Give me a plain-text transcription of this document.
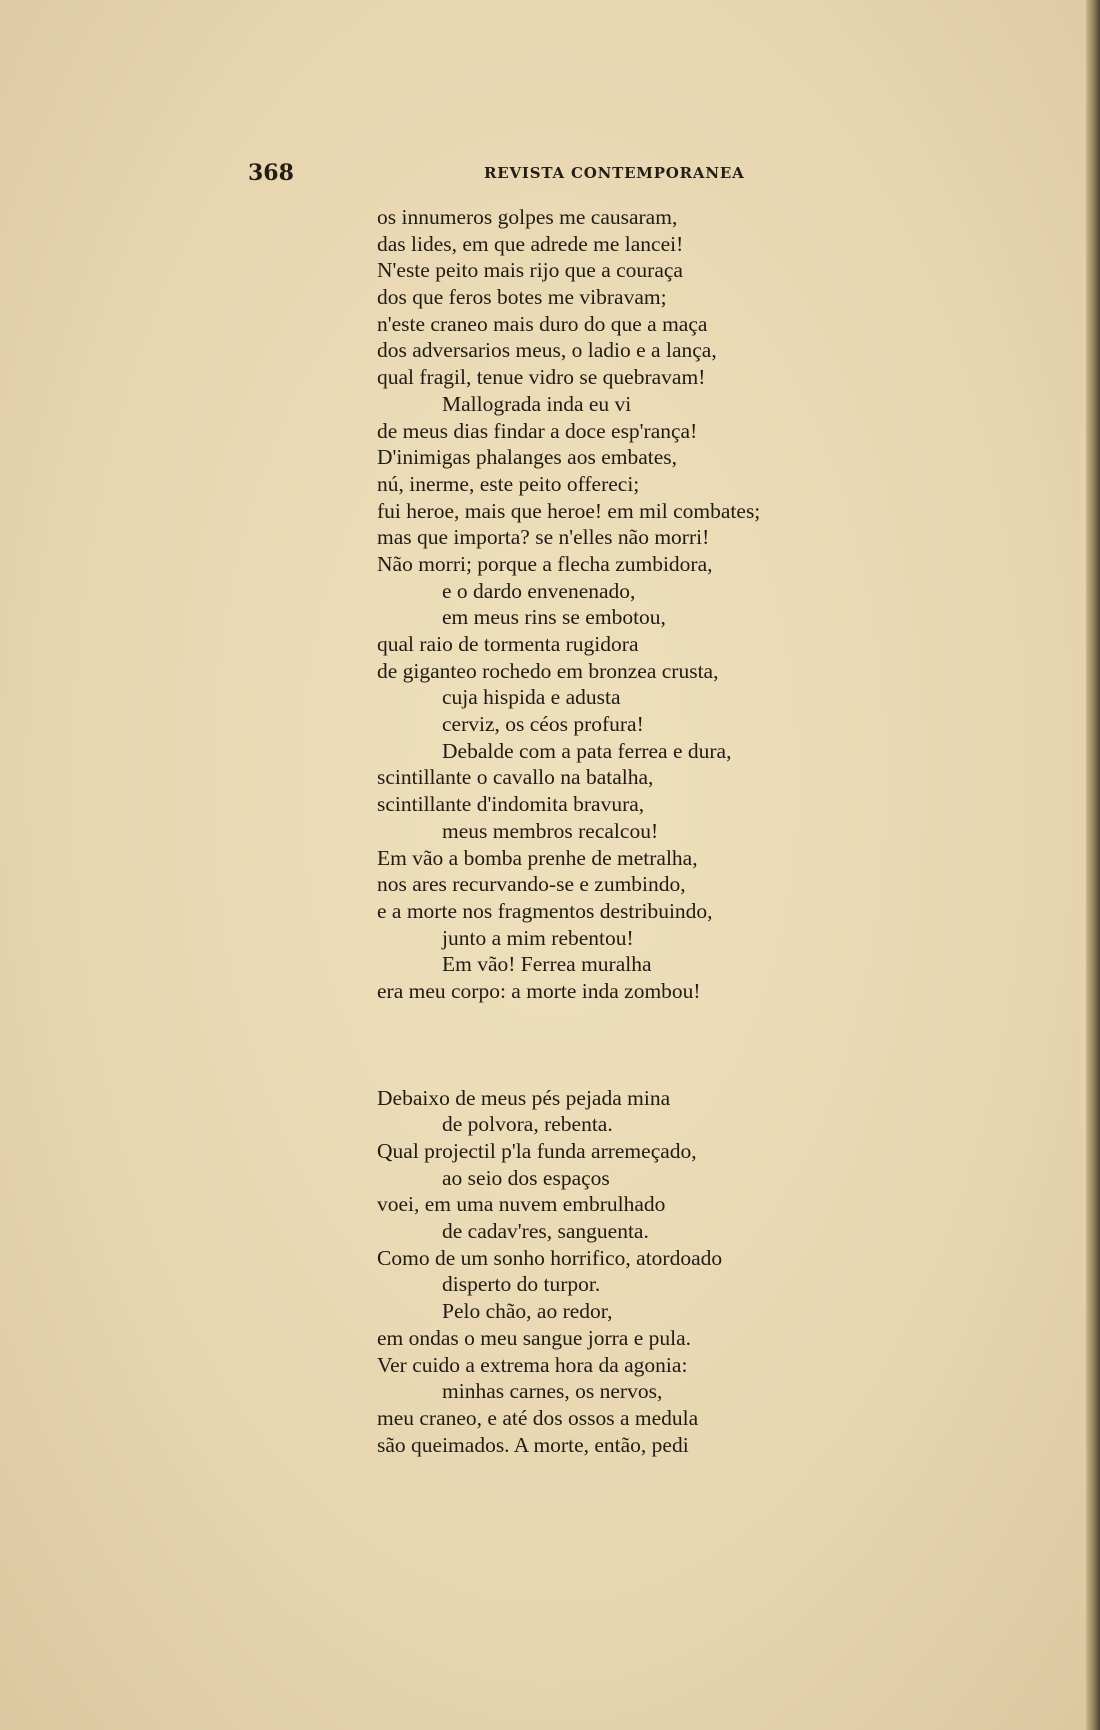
368	REVISTA CONTEMPORANEA
os innumeros golpes me causaram,
das lides, em que adrede me lancei!
N'este peito mais rijo que a couraça
dos que feros botes me vibravam;
n'este craneo mais duro do que a maça
dos adversarios meus, o ladio e a lança,
qual fragil, tenue vidro se quebravam!
Mallograda inda eu vi
de meus dias findar a doce esp'rança!
D'inimigas phalanges aos embates,
nú, inerme, este peito offereci;
fui heroe, mais que heroe! em mil combates;
mas que importa? se n'elles não morri!
Não morri; porque a flecha zumbidora,
e o dardo envenenado,
em meus rins se embotou,
qual raio de tormenta rugidora
de giganteo rochedo em bronzea crusta,
cuja hispida e adusta
cerviz, os céos profura!
Debalde com a pata ferrea e dura,
scintillante o cavallo na batalha,
scintillante d'indomita bravura,
meus membros recalcou!
Em vão a bomba prenhe de metralha,
nos ares recurvando-se e zumbindo,
e a morte nos fragmentos destribuindo,
junto a mim rebentou!
Em vão! Ferrea muralha
era meu corpo: a morte inda zombou!
Debaixo de meus pés pejada mina
de polvora, rebenta.
Qual projectil p'la funda arremeçado,
ao seio dos espaços
voei, em uma nuvem embrulhado
de cadav'res, sanguenta.
Como de um sonho horrifico, atordoado
disperto do turpor.
Pelo chão, ao redor,
em ondas o meu sangue jorra e pula.
Ver cuido a extrema hora da agonia:
minhas carnes, os nervos,
meu craneo, e até dos ossos a medula
são queimados. A morte, então, pedi
